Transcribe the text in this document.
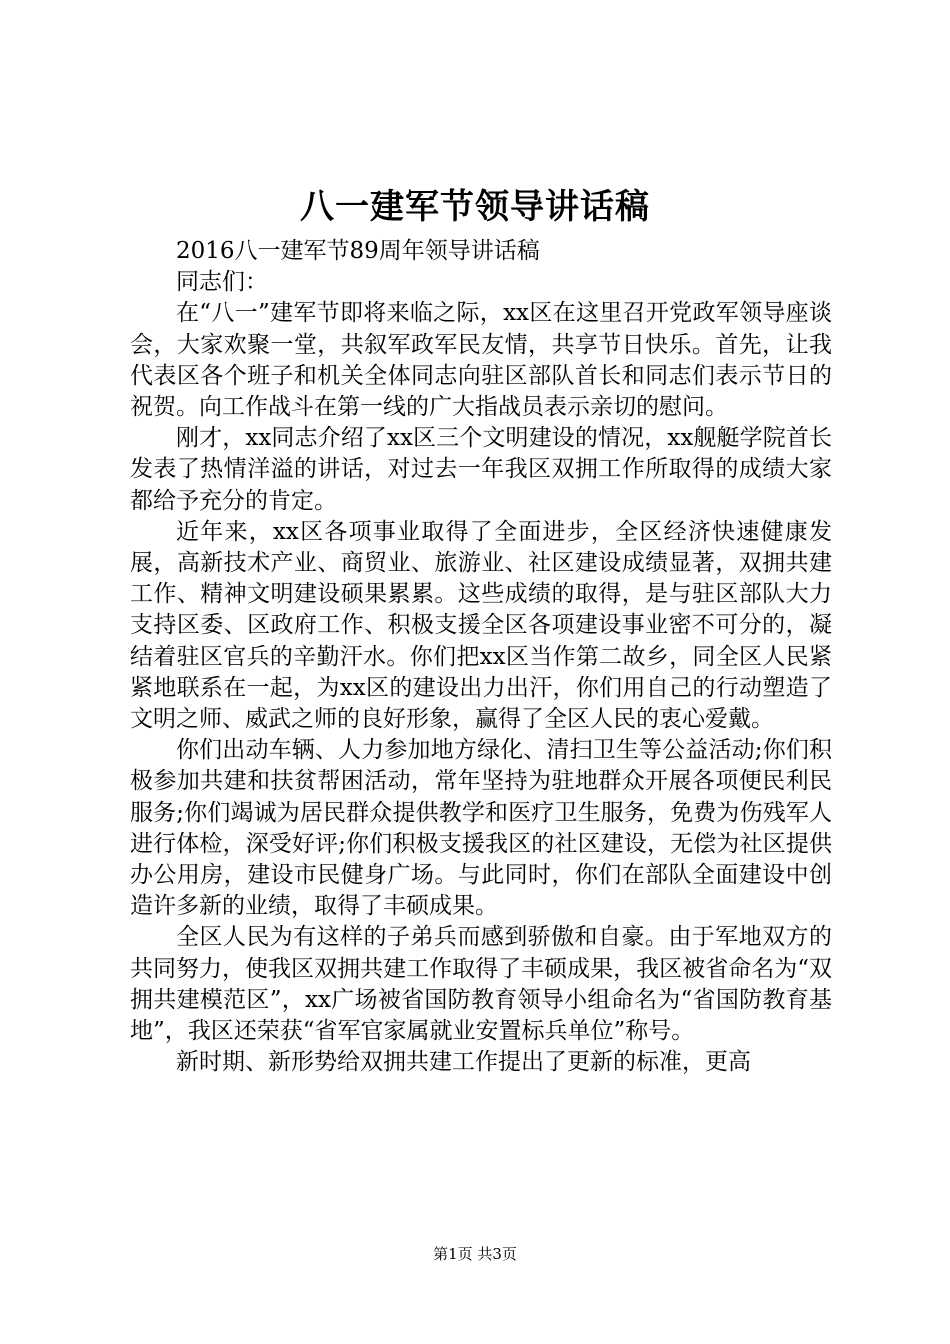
八一建军节领导讲话稿

2016八一建军节89周年领导讲话稿

同志们：

在“八一”建军节即将来临之际，xx区在这里召开党政军领导座谈会，大家欢聚一堂，共叙军政军民友情，共享节日快乐。首先，让我代表区各个班子和机关全体同志向驻区部队首长和同志们表示节日的祝贺。向工作战斗在第一线的广大指战员表示亲切的慰问。

刚才，xx同志介绍了xx区三个文明建设的情况，xx舰艇学院首长发表了热情洋溢的讲话，对过去一年我区双拥工作所取得的成绩大家都给予充分的肯定。

近年来，xx区各项事业取得了全面进步，全区经济快速健康发展，高新技术产业、商贸业、旅游业、社区建设成绩显著，双拥共建工作、精神文明建设硕果累累。这些成绩的取得，是与驻区部队大力支持区委、区政府工作、积极支援全区各项建设事业密不可分的，凝结着驻区官兵的辛勤汗水。你们把xx区当作第二故乡，同全区人民紧紧地联系在一起，为xx区的建设出力出汗，你们用自己的行动塑造了文明之师、威武之师的良好形象，赢得了全区人民的衷心爱戴。

你们出动车辆、人力参加地方绿化、清扫卫生等公益活动;你们积极参加共建和扶贫帮困活动，常年坚持为驻地群众开展各项便民利民服务;你们竭诚为居民群众提供教学和医疗卫生服务，免费为伤残军人进行体检，深受好评;你们积极支援我区的社区建设，无偿为社区提供办公用房，建设市民健身广场。与此同时，你们在部队全面建设中创造许多新的业绩，取得了丰硕成果。

全区人民为有这样的子弟兵而感到骄傲和自豪。由于军地双方的共同努力，使我区双拥共建工作取得了丰硕成果，我区被省命名为“双拥共建模范区”，xx广场被省国防教育领导小组命名为“省国防教育基地”，我区还荣获“省军官家属就业安置标兵单位”称号。

新时期、新形势给双拥共建工作提出了更新的标准，更高

第1页 共3页
